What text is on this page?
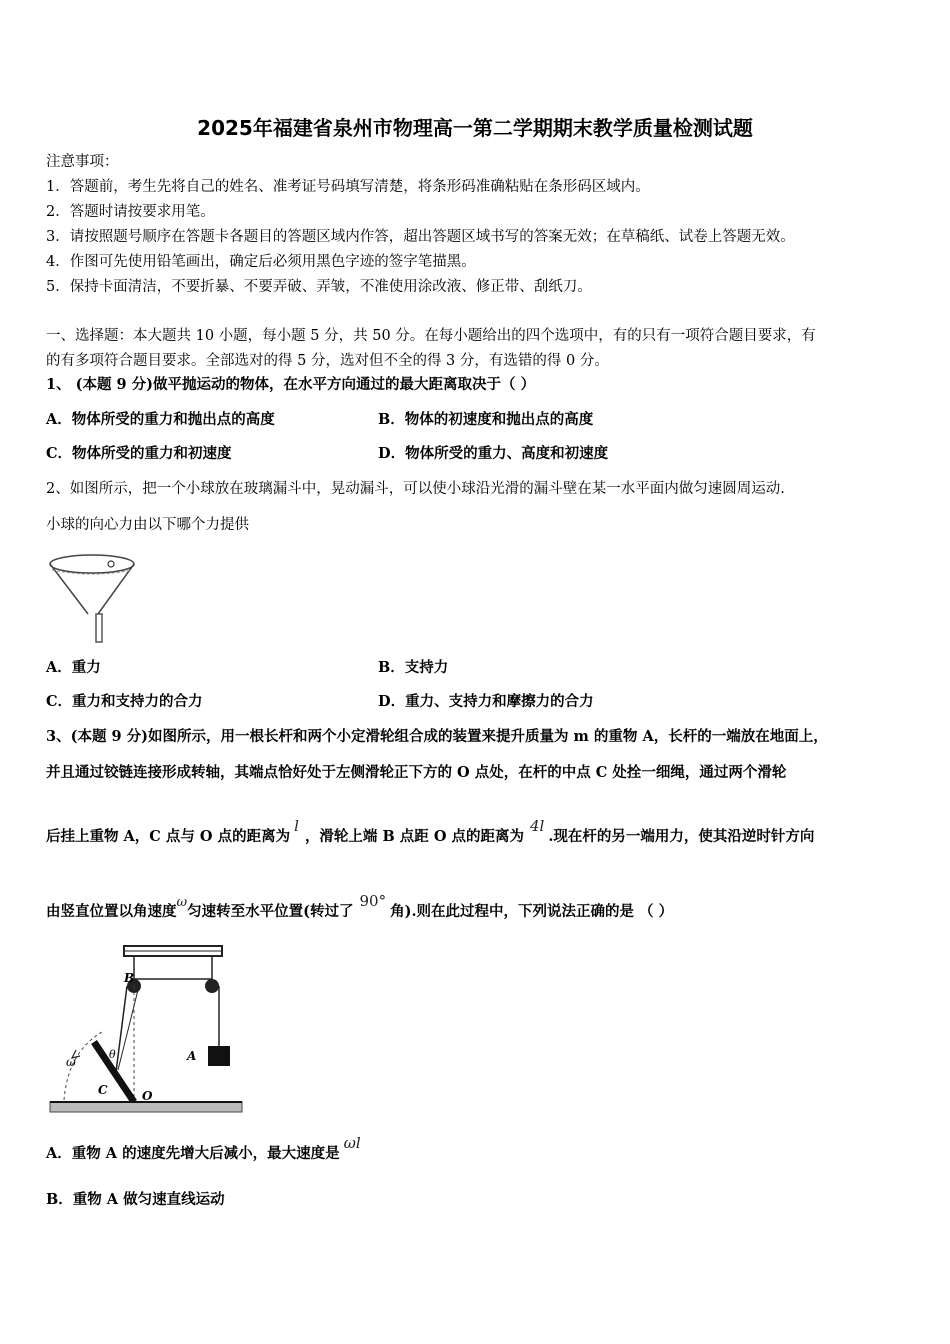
2025年福建省泉州市物理高一第二学期期末教学质量检测试题
注意事项：
1．答题前，考生先将自己的姓名、准考证号码填写清楚，将条形码准确粘贴在条形码区域内。
2．答题时请按要求用笔。
3．请按照题号顺序在答题卡各题目的答题区域内作答，超出答题区域书写的答案无效；在草稿纸、试卷上答题无效。
4．作图可先使用铅笔画出，确定后必须用黑色字迹的签字笔描黑。
5．保持卡面清洁，不要折暴、不要弄破、弄皱，不准使用涂改液、修正带、刮纸刀。
一、选择题：本大题共 10 小题，每小题 5 分，共 50 分。在每小题给出的四个选项中，有的只有一项符合题目要求，有
的有多项符合题目要求。全部选对的得 5 分，选对但不全的得 3 分，有选错的得 0 分。
1、 (本题 9 分)做平抛运动的物体，在水平方向通过的最大距离取决于（ ）
A．物体所受的重力和抛出点的高度	B．物体的初速度和抛出点的高度
C．物体所受的重力和初速度	D．物体所受的重力、高度和初速度
2、如图所示，把一个小球放在玻璃漏斗中，晃动漏斗，可以使小球沿光滑的漏斗壁在某一水平面内做匀速圆周运动.
小球的向心力由以下哪个力提供
A．重力	B．支持力
C．重力和支持力的合力	D．重力、支持力和摩擦力的合力
3、(本题 9 分)如图所示，用一根长杆和两个小定滑轮组合成的装置来提升质量为 m 的重物 A，长杆的一端放在地面上，
并且通过铰链连接形成转轴，其端点恰好处于左侧滑轮正下方的 O 点处，在杆的中点 C 处拴一细绳，通过两个滑轮
后挂上重物 A，C 点与 O 点的距离为l，滑轮上端 B 点距 O 点的距离为4l.现在杆的另一端用力，使其沿逆时针方向
由竖直位置以角速度ω匀速转至水平位置(转过了90°角).则在此过程中，下列说法正确的是 （ ）
B
A
θ
ω
C	O
A．重物 A 的速度先增大后减小，最大速度是ωl
B．重物 A 做匀速直线运动
